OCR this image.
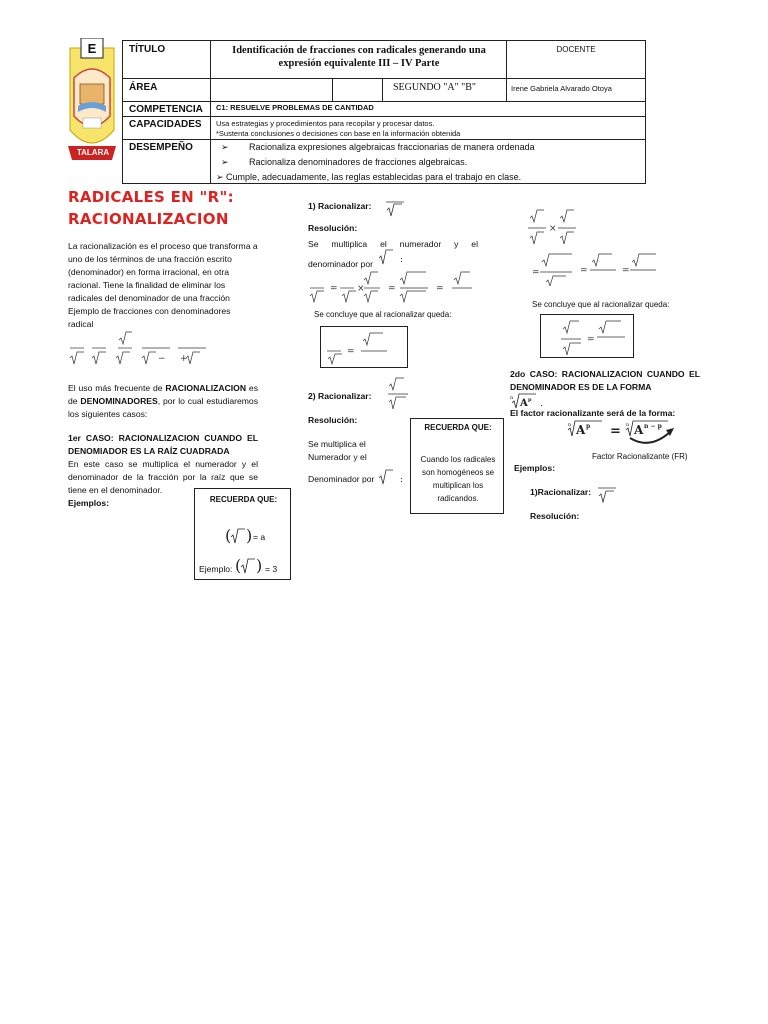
E
TALARA
TÍTULO	Identificación de fracciones con radicales generando una expresión equivalente III – IV Parte
DOCENTE
ÁREA	SEGUNDO "A" "B"	Irene Gabriela Alvarado Otoya
COMPETENCIA C1: RESUELVE PROBLEMAS DE CANTIDAD
CAPACIDADES Usa estrategias y procedimientos para recopilar y procesar datos.
*Sustenta conclusiones o decisiones con base en la información obtenida
DESEMPEÑO	➢ Racionaliza expresiones algebraicas fraccionarias de manera ordenada
➢ Racionaliza denominadores de fracciones algebraicas.
➢ Cumple, adecuadamente, las reglas establecidas para el trabajo en clase.
RADICALES EN "R":
RACIONALIZACION
La racionalización es el proceso que transforma a uno de los términos de una fracción escrito (denominador) en forma irracional, en otra racional. Tiene la finalidad de eliminar los radicales del denominador de una fracción Ejemplo de fracciones con denominadores radical
− +
El uso más frecuente de RACIONALIZACION es de DENOMINADORES, por lo cual estudiaremos los siguientes casos:
1er CASO: RACIONALIZACION CUANDO EL DENOMIADOR ES LA RAÍZ CUADRADA
En este caso se multiplica el numerador y el denominador de la fracción por la raíz que se tiene en el denominador.
Ejemplos:	RECUERDA QUE:
( ) = a
Ejemplo: ( ) = 3
1) Racionalizar:
Resolución:
Se multiplica el numerador y el denominador por	:
= ×	=	=
Se concluye que al racionalizar queda:
=
2) Racionalizar:
Resolución:
Se multiplica el
Numerador y el
Denominador por	:
RECUERDA QUE:
Cuando los radicales son homogéneos se multiplican los radicandos.
×
=	=	=
Se concluye que al racionalizar queda:
=
2do CASO: RACIONALIZACION CUANDO EL DENOMINADOR ES DE LA FORMA
n A p .
El factor racionalizante será de la forma:
n A p = n A n − p
Factor Racionalizante (FR)
Ejemplos:
1)Racionalizar:
Resolución:
